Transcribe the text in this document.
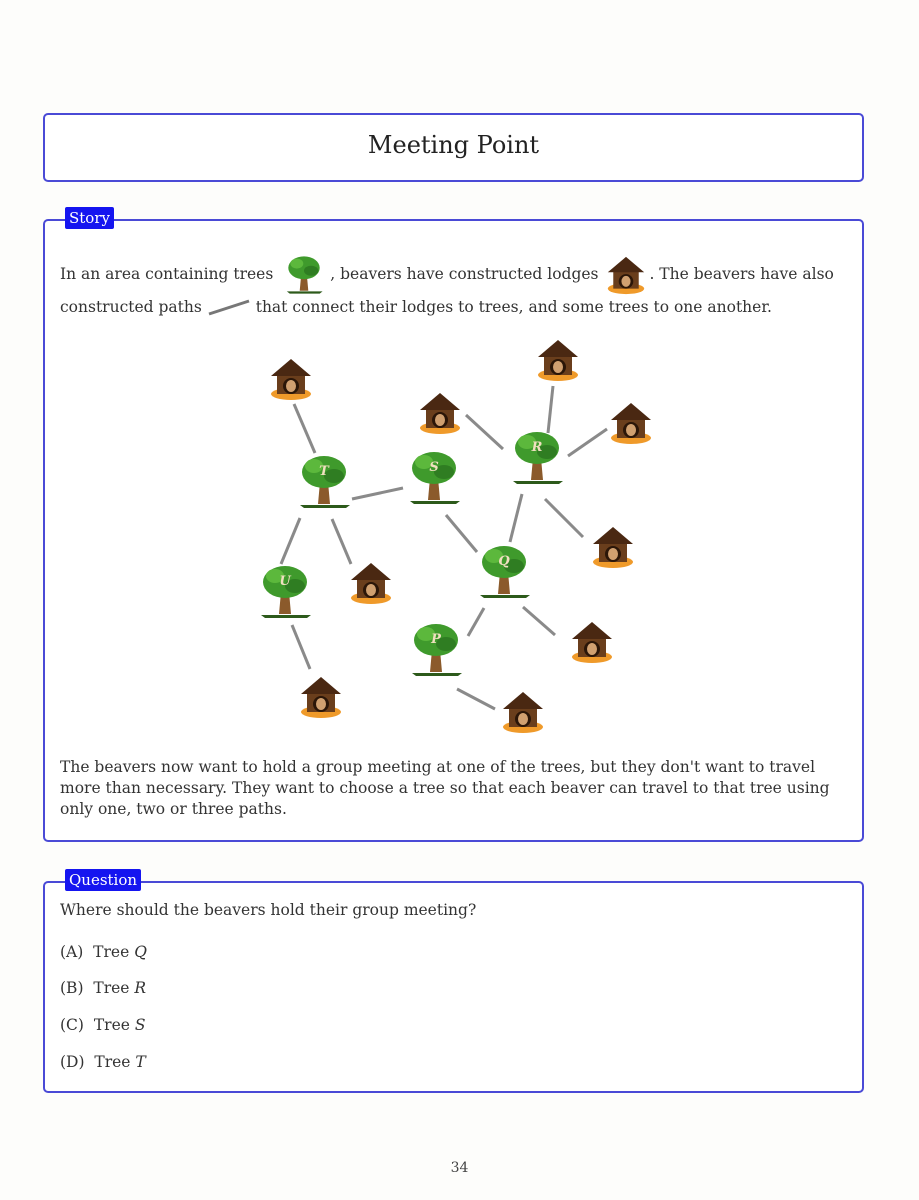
Meeting Point
Story
In an area containing trees	, beavers have constructed lodges	. The beavers have also constructed paths	that connect their lodges to trees, and some trees to one another.
T	S
R
Q
U
P
The beavers now want to hold a group meeting at one of the trees, but they don't want to travel more than necessary. They want to choose a tree so that each beaver can travel to that tree using only one, two or three paths.
Question
Where should the beavers hold their group meeting?
(A) Tree Q
(B) Tree R
(C) Tree S
(D) Tree T
34
